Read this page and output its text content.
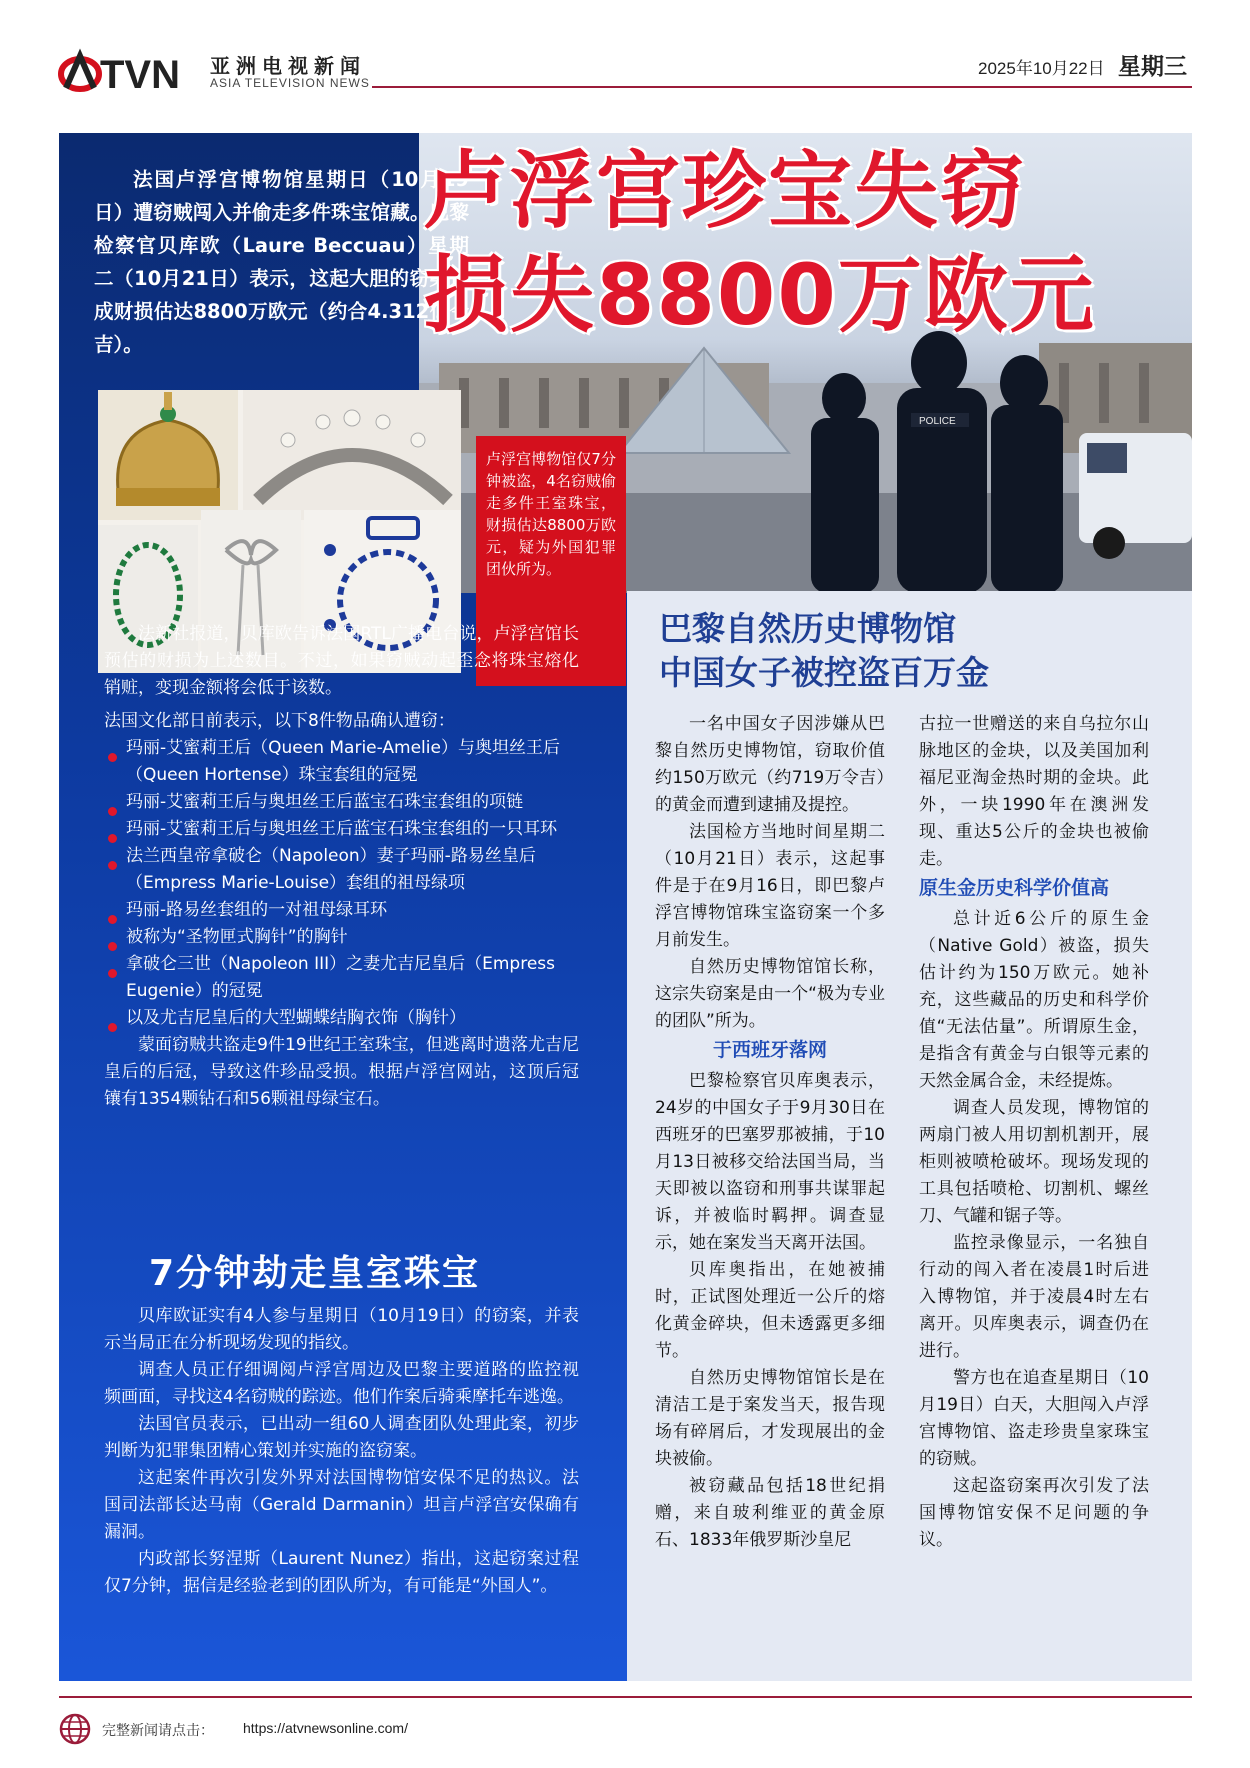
TVN 亚洲电视新闻
ASIA TELEVISION NEWS
2025年10月22日 星期三
POLICE
法国卢浮宫博物馆星期日（10月19日）遭窃贼闯入并偷走多件珠宝馆藏。巴黎检察官贝库欧（Laure Beccuau）星期二（10月21日）表示，这起大胆的窃案造成财损估达8800万欧元（约合4.312亿令吉）。
卢浮宫珍宝失窃
损失8800万欧元
卢浮宫博物馆仅7分钟被盗，4名窃贼偷走多件王室珠宝，财损估达8800万欧元，疑为外国犯罪团伙所为。

法新社报道，贝库欧告诉法国RTL广播电台说，卢浮宫馆长预估的财损为上述数目。不过，如果窃贼动起歪念将珠宝熔化销赃，变现金额将会低于该数。

法国文化部日前表示，以下8件物品确认遭窃：

玛丽-艾蜜莉王后（Queen Marie-Amelie）与奥坦丝王后（Queen Hortense）珠宝套组的冠冕
玛丽-艾蜜莉王后与奥坦丝王后蓝宝石珠宝套组的项链
玛丽-艾蜜莉王后与奥坦丝王后蓝宝石珠宝套组的一只耳环
法兰西皇帝拿破仑（Napoleon）妻子玛丽-路易丝皇后（Empress Marie-Louise）套组的祖母绿项
玛丽-路易丝套组的一对祖母绿耳环
被称为“圣物匣式胸针”的胸针
拿破仑三世（Napoleon III）之妻尤吉尼皇后（Empress Eugenie）的冠冕
以及尤吉尼皇后的大型蝴蝶结胸衣饰（胸针）

蒙面窃贼共盗走9件19世纪王室珠宝，但逃离时遗落尤吉尼皇后的后冠，导致这件珍品受损。根据卢浮宫网站，这顶后冠镶有1354颗钻石和56颗祖母绿宝石。

7分钟劫走皇室珠宝

贝库欧证实有4人参与星期日（10月19日）的窃案，并表示当局正在分析现场发现的指纹。

调查人员正仔细调阅卢浮宫周边及巴黎主要道路的监控视频画面，寻找这4名窃贼的踪迹。他们作案后骑乘摩托车逃逸。

法国官员表示，已出动一组60人调查团队处理此案，初步判断为犯罪集团精心策划并实施的盗窃案。

这起案件再次引发外界对法国博物馆安保不足的热议。法国司法部长达马南（Gerald Darmanin）坦言卢浮宫安保确有漏洞。

内政部长努涅斯（Laurent Nunez）指出，这起窃案过程仅7分钟，据信是经验老到的团队所为，有可能是“外国人”。

巴黎自然历史博物馆
中国女子被控盗百万金

一名中国女子因涉嫌从巴黎自然历史博物馆，窃取价值约150万欧元（约719万令吉）的黄金而遭到逮捕及提控。

法国检方当地时间星期二（10月21日）表示，这起事件是于在9月16日，即巴黎卢浮宫博物馆珠宝盗窃案一个多月前发生。

自然历史博物馆馆长称，这宗失窃案是由一个“极为专业的团队”所为。

于西班牙落网

巴黎检察官贝库奥表示，24岁的中国女子于9月30日在西班牙的巴塞罗那被捕，于10月13日被移交给法国当局，当天即被以盗窃和刑事共谋罪起诉，并被临时羁押。调查显示，她在案发当天离开法国。

贝库奥指出，在她被捕时，正试图处理近一公斤的熔化黄金碎块，但未透露更多细节。

自然历史博物馆馆长是在清洁工是于案发当天，报告现场有碎屑后，才发现展出的金块被偷。

被窃藏品包括18世纪捐赠，来自玻利维亚的黄金原石、1833年俄罗斯沙皇尼

古拉一世赠送的来自乌拉尔山脉地区的金块，以及美国加利福尼亚淘金热时期的金块。此外，一块1990年在澳洲发现、重达5公斤的金块也被偷走。

原生金历史科学价值高

总计近6公斤的原生金（Native Gold）被盗，损失估计约为150万欧元。她补充，这些藏品的历史和科学价值“无法估量”。所谓原生金，是指含有黄金与白银等元素的天然金属合金，未经提炼。

调查人员发现，博物馆的两扇门被人用切割机割开，展柜则被喷枪破坏。现场发现的工具包括喷枪、切割机、螺丝刀、气罐和锯子等。

监控录像显示，一名独自行动的闯入者在凌晨1时后进入博物馆，并于凌晨4时左右离开。贝库奥表示，调查仍在进行。

警方也在追查星期日（10月19日）白天，大胆闯入卢浮宫博物馆、盗走珍贵皇家珠宝的窃贼。

这起盗窃案再次引发了法国博物馆安保不足问题的争议。

完整新闻请点击： https://atvnewsonline.com/
